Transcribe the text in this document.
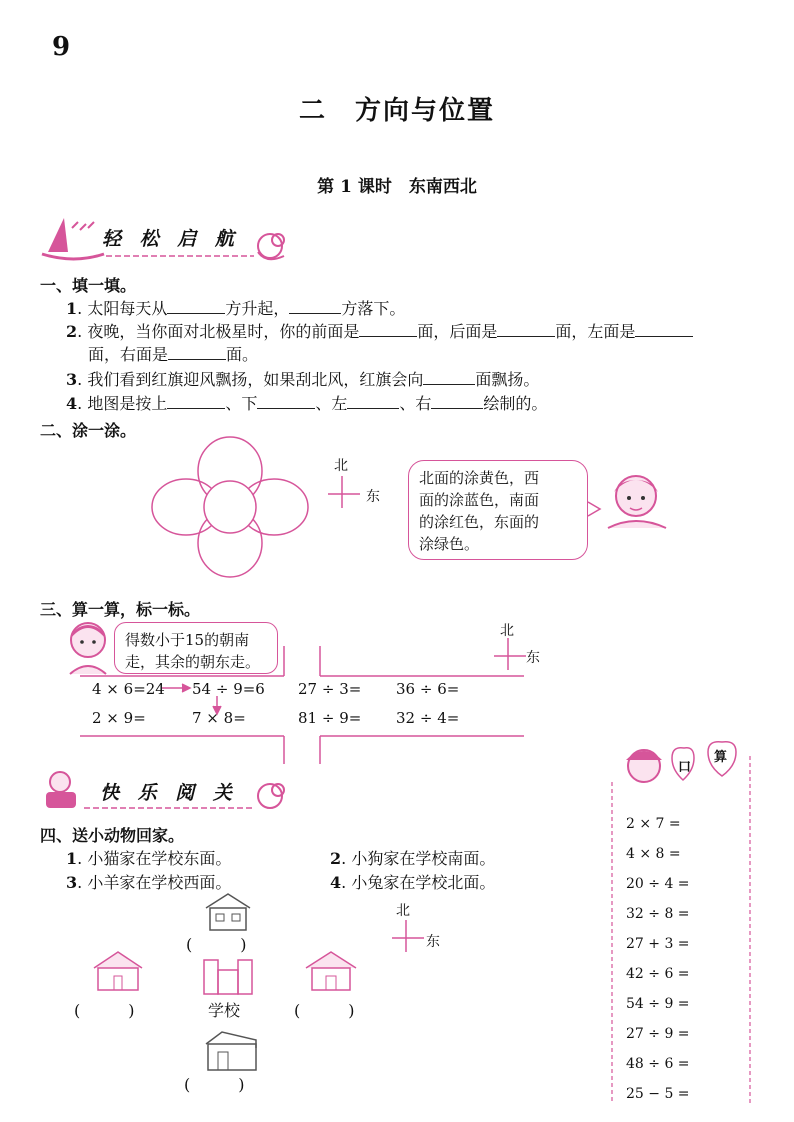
9
二　方向与位置
第 1 课时　东南西北
轻 松 启 航
一、填一填。
1. 太阳每天从	方升起，	方落下。
2. 夜晚，当你面对北极星时，你的前面是	面，后面是	面，左面是
面，右面是	面。
3. 我们看到红旗迎风飘扬，如果刮北风，红旗会向	面飘扬。
4. 地图是按上	、下	、左	、右	绘制的。
二、涂一涂。
北
东
北面的涂黄色，西
面的涂蓝色，南面
的涂红色，东面的
涂绿色。
三、算一算，标一标。
得数小于15的朝南
走，其余的朝东走。
北
东
4 × 6=24 54 ÷ 9=6 27 ÷ 3= 36 ÷ 6=
2 × 9=	7 × 8=	81 ÷ 9= 32 ÷ 4=
快 乐 阅 关
四、送小动物回家。
1. 小猫家在学校东面。	2. 小狗家在学校南面。
3. 小羊家在学校西面。	4. 小兔家在学校北面。
(　　　)
(　　　)	学校	(　　　)
(　　　)
北
东
口
算
2 × 7 =
4 × 8 =
20 ÷ 4 =
32 ÷ 8 =
27 + 3 =
42 ÷ 6 =
54 ÷ 9 =
27 ÷ 9 =
48 ÷ 6 =
25 − 5 =
